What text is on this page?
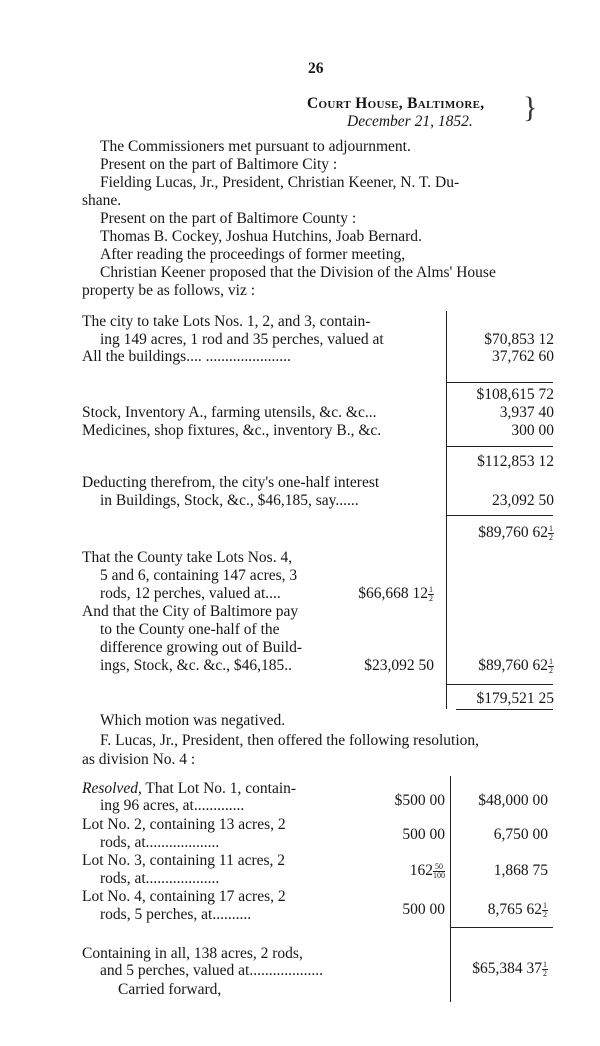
26
Court House, Baltimore,
December 21, 1852. }
The Commissioners met pursuant to adjournment.
Present on the part of Baltimore City :
Fielding Lucas, Jr., President, Christian Keener, N. T. Du-
shane.
Present on the part of Baltimore County :
Thomas B. Cockey, Joshua Hutchins, Joab Bernard.
After reading the proceedings of former meeting,
Christian Keener proposed that the Division of the Alms' House
property be as follows, viz :
The city to take Lots Nos. 1, 2, and 3, contain-
ing 149 acres, 1 rod and 35 perches, valued at	$70,853 12
All the buildings.... ......................	37,762 60
$108,615 72
Stock, Inventory A., farming utensils, &c. &c...	3,937 40
Medicines, shop fixtures, &c., inventory B., &c.	300 00
$112,853 12
Deducting therefrom, the city's one-half interest
in Buildings, Stock, &c., $46,185, say......	23,092 50
$89,760 $62 \frac{1}{2}$
That the County take Lots Nos. 4,
5 and 6, containing 147 acres, 3
rods, 12 perches, valued at....	$66,668 $12 \frac{1}{2}$
And that the City of Baltimore pay
to the County one-half of the
difference growing out of Build-
ings, Stock, &c. &c., $46,185..	$23,092 50	$89,760 $62 \frac{1}{2}$
$179,521 25
Which motion was negatived.
F. Lucas, Jr., President, then offered the following resolution,
as division No. 4 :
Resolved, That Lot No. 1, contain-
ing 96 acres, at.............	$500 00	$48,000 00
Lot No. 2, containing 13 acres, 2
rods, at...................	500 00	6,750 00
Lot No. 3, containing 11 acres, 2
rods, at...................	$162 \frac{50}{100}$	1,868 75
Lot No. 4, containing 17 acres, 2
rods, 5 perches, at..........	500 00	8,765 $62 \frac{1}{2}$
Containing in all, 138 acres, 2 rods,
and 5 perches, valued at...................	$65,384 $37 \frac{1}{2}$
Carried forward,
